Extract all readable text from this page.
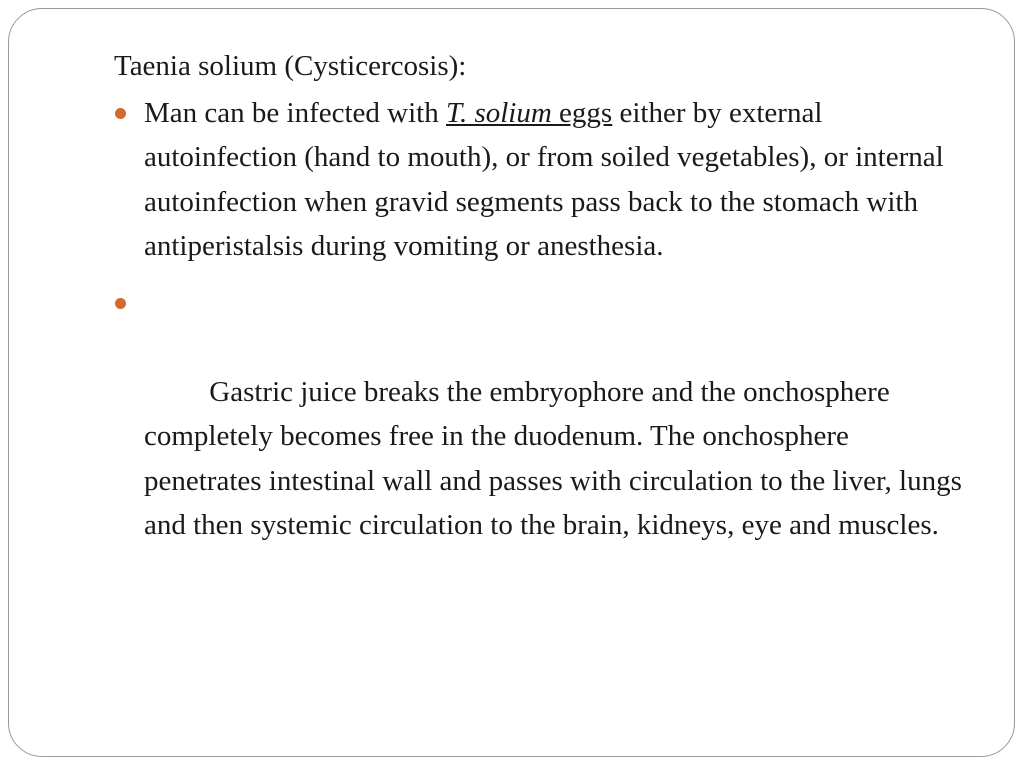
Taenia solium (Cysticercosis):
Man can be infected with T. solium eggs either by external autoinfection (hand to mouth), or from soiled vegetables), or internal autoinfection when gravid segments pass back to the stomach with antiperistalsis during vomiting or anesthesia.

Gastric juice breaks the embryophore and the onchosphere completely becomes free in the duodenum. The onchosphere penetrates intestinal wall and passes with circulation to the liver, lungs and then systemic circulation to the brain, kidneys, eye and muscles.
